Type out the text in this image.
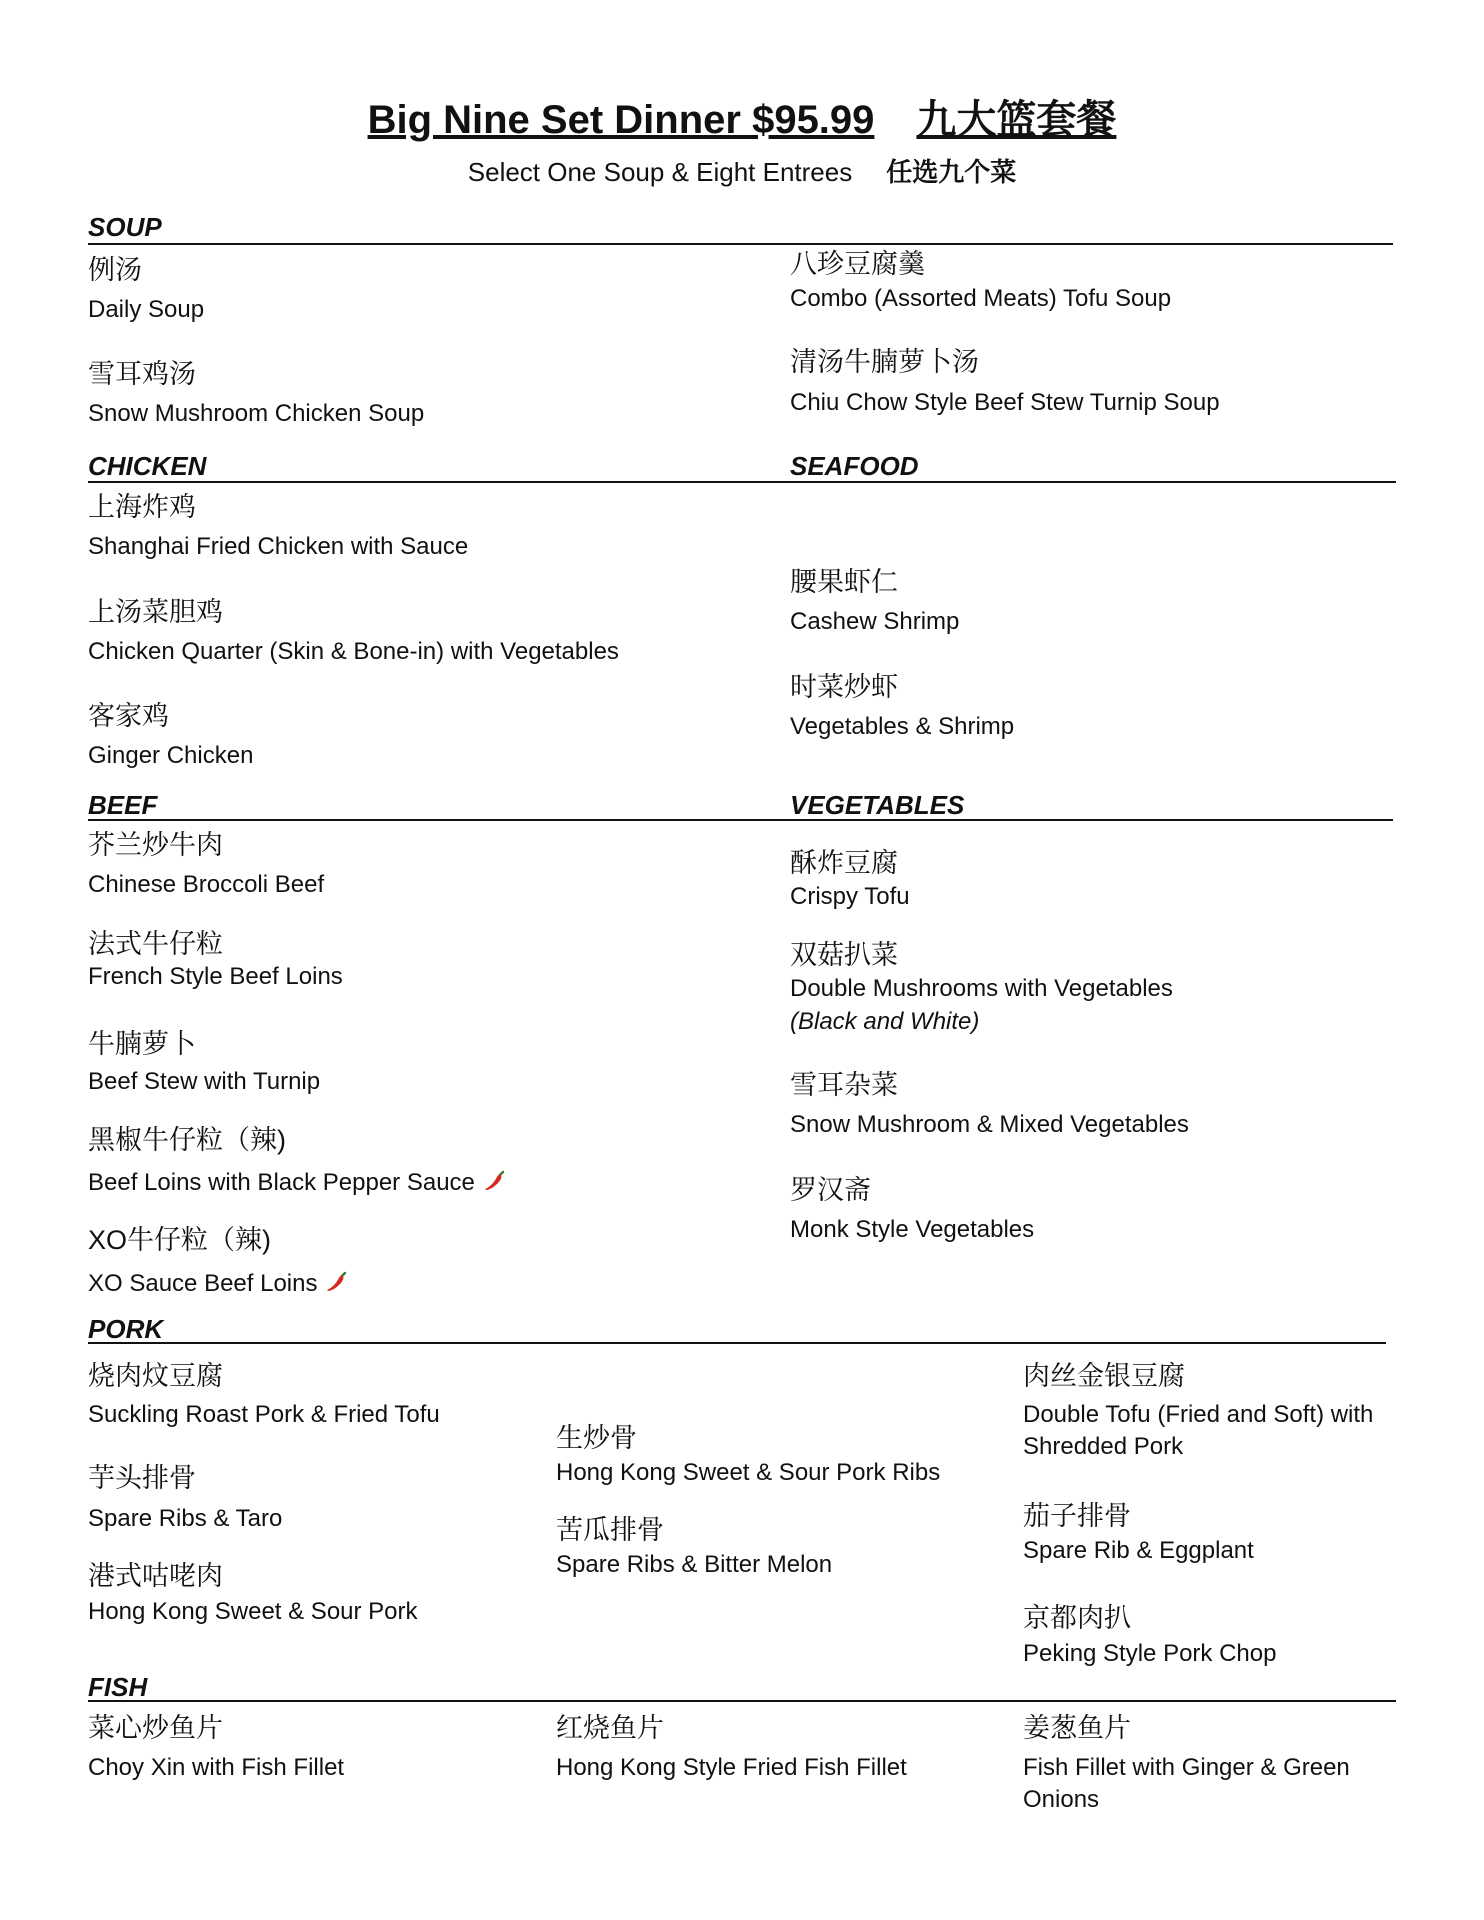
Big Nine Set Dinner $95.99 九大篮套餐
Select One Soup & Eight Entrees 任选九个菜
SOUP
例汤
Daily Soup
雪耳鸡汤
Snow Mushroom Chicken Soup
八珍豆腐羹
Combo (Assorted Meats) Tofu Soup
清汤牛腩萝卜汤
Chiu Chow Style Beef Stew Turnip Soup
CHICKEN	SEAFOOD
上海炸鸡
Shanghai Fried Chicken with Sauce
上汤菜胆鸡
Chicken Quarter (Skin & Bone-in) with Vegetables
客家鸡
Ginger Chicken
腰果虾仁
Cashew Shrimp
时菜炒虾
Vegetables & Shrimp
BEEF	VEGETABLES
芥兰炒牛肉
Chinese Broccoli Beef
法式牛仔粒
French Style Beef Loins
牛腩萝卜
Beef Stew with Turnip
黑椒牛仔粒（辣)
Beef Loins with Black Pepper Sauce
XO牛仔粒（辣)
XO Sauce Beef Loins
酥炸豆腐
Crispy Tofu
双菇扒菜
Double Mushrooms with Vegetables
(Black and White)
雪耳杂菜
Snow Mushroom & Mixed Vegetables
罗汉斋
Monk Style Vegetables
PORK
烧肉炆豆腐
Suckling Roast Pork & Fried Tofu
芋头排骨
Spare Ribs & Taro
港式咕咾肉
Hong Kong Sweet & Sour Pork
生炒骨
Hong Kong Sweet & Sour Pork Ribs
苦瓜排骨
Spare Ribs & Bitter Melon
肉丝金银豆腐
Double Tofu (Fried and Soft) with
Shredded Pork
茄子排骨
Spare Rib & Eggplant
京都肉扒
Peking Style Pork Chop
FISH
菜心炒鱼片
Choy Xin with Fish Fillet
红烧鱼片
Hong Kong Style Fried Fish Fillet
姜葱鱼片
Fish Fillet with Ginger & Green
Onions
